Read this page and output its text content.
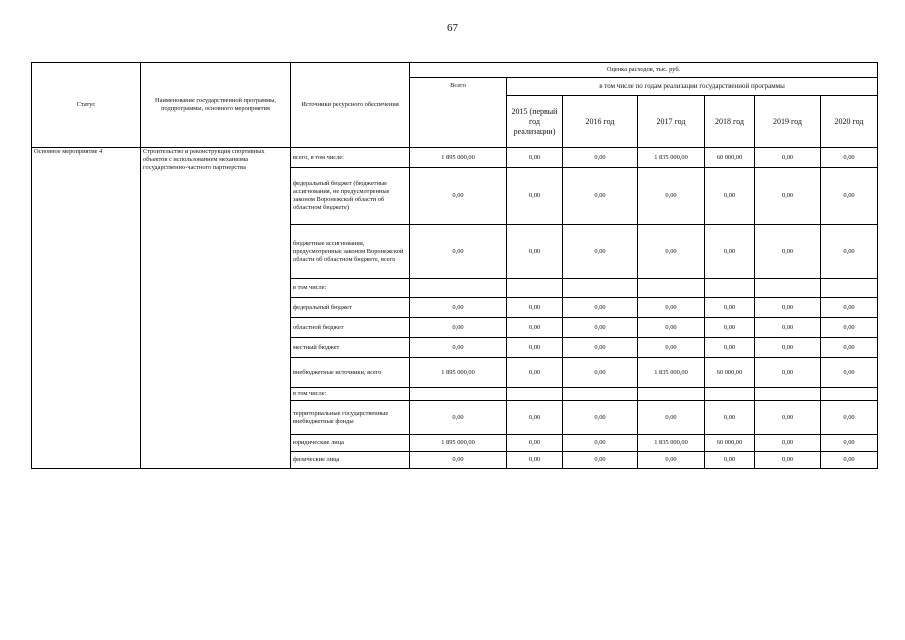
67
Статус	Наименование государственной программы, подпрограммы, основного мероприятия	Источники ресурсного обеспечения	Оценка расходов, тыс. руб.						
			Всего	в том числе по годам реализации государственной программы					
				2015 (первый год реализации)	2016 год	2017 год	2018 год	2019 год	2020 год
Основное мероприятие 4	Строительство и реконструкция спортивных объектов с использованием механизма государственно-частного партнерства	всего, в том числе:	1 895 000,00	0,00	0,00	1 835 000,00	60 000,00	0,00	0,00
		федеральный бюджет (бюджетные ассигнования, не предусмотренные законом Воронежской области об областном бюджете)	0,00	0,00	0,00	0,00	0,00	0,00	0,00
		бюджетные ассигнования, предусмотренные законом Воронежской области об областном бюджете, всего	0,00	0,00	0,00	0,00	0,00	0,00	0,00
		в том числе:							
		федеральный бюджет	0,00	0,00	0,00	0,00	0,00	0,00	0,00
		областной бюджет	0,00	0,00	0,00	0,00	0,00	0,00	0,00
		местный бюджет	0,00	0,00	0,00	0,00	0,00	0,00	0,00
		внебюджетные источники, всего	1 895 000,00	0,00	0,00	1 835 000,00	60 000,00	0,00	0,00
		в том числе:							
		территориальные государственные внебюджетные фонды	0,00	0,00	0,00	0,00	0,00	0,00	0,00
		юридические лица	1 895 000,00	0,00	0,00	1 835 000,00	60 000,00	0,00	0,00
		физические лица	0,00	0,00	0,00	0,00	0,00	0,00	0,00
